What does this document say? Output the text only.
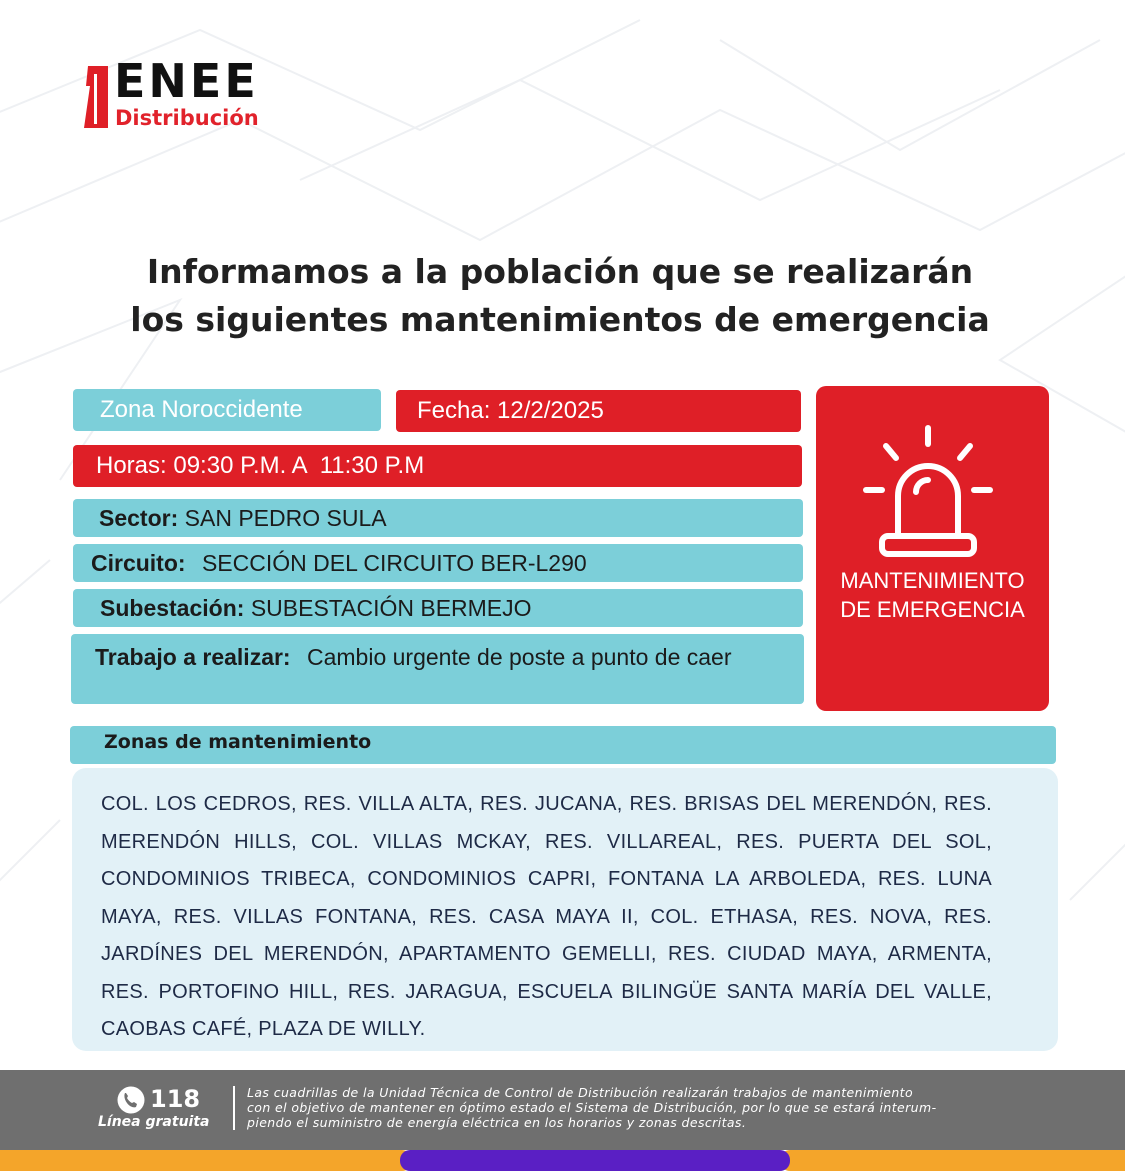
ENEE
Distribución
Informamos a la población que se realizarán
los siguientes mantenimientos de emergencia
Zona Noroccidente	Fecha: 12/2/2025
Horas: 09:30 P.M. A  11:30 P.M
Sector: SAN PEDRO SULA
Circuito: SECCIÓN DEL CIRCUITO BER-L290
Subestación: SUBESTACIÓN BERMEJO
Trabajo a realizar: Cambio urgente de poste a punto de caer
MANTENIMIENTO
DE EMERGENCIA
Zonas de mantenimiento

COL. LOS CEDROS, RES. VILLA ALTA, RES. JUCANA, RES. BRISAS DEL MERENDÓN, RES. MERENDÓN HILLS, COL. VILLAS MCKAY, RES. VILLAREAL, RES. PUERTA DEL SOL, CONDOMINIOS TRIBECA, CONDOMINIOS CAPRI, FONTANA LA ARBOLEDA, RES. LUNA MAYA, RES. VILLAS FONTANA, RES. CASA MAYA II, COL. ETHASA, RES. NOVA, RES. JARDÍNES DEL MERENDÓN, APARTAMENTO GEMELLI, RES. CIUDAD MAYA, ARMENTA, RES. PORTOFINO HILL, RES. JARAGUA, ESCUELA BILINGÜE SANTA MARÍA DEL VALLE, CAOBAS CAFÉ, PLAZA DE WILLY.

118
Línea gratuita
Las cuadrillas de la Unidad Técnica de Control de Distribución realizarán trabajos de mantenimiento
con el objetivo de mantener en óptimo estado el Sistema de Distribución, por lo que se estará interum-
piendo el suministro de energía eléctrica en los horarios y zonas descritas.
